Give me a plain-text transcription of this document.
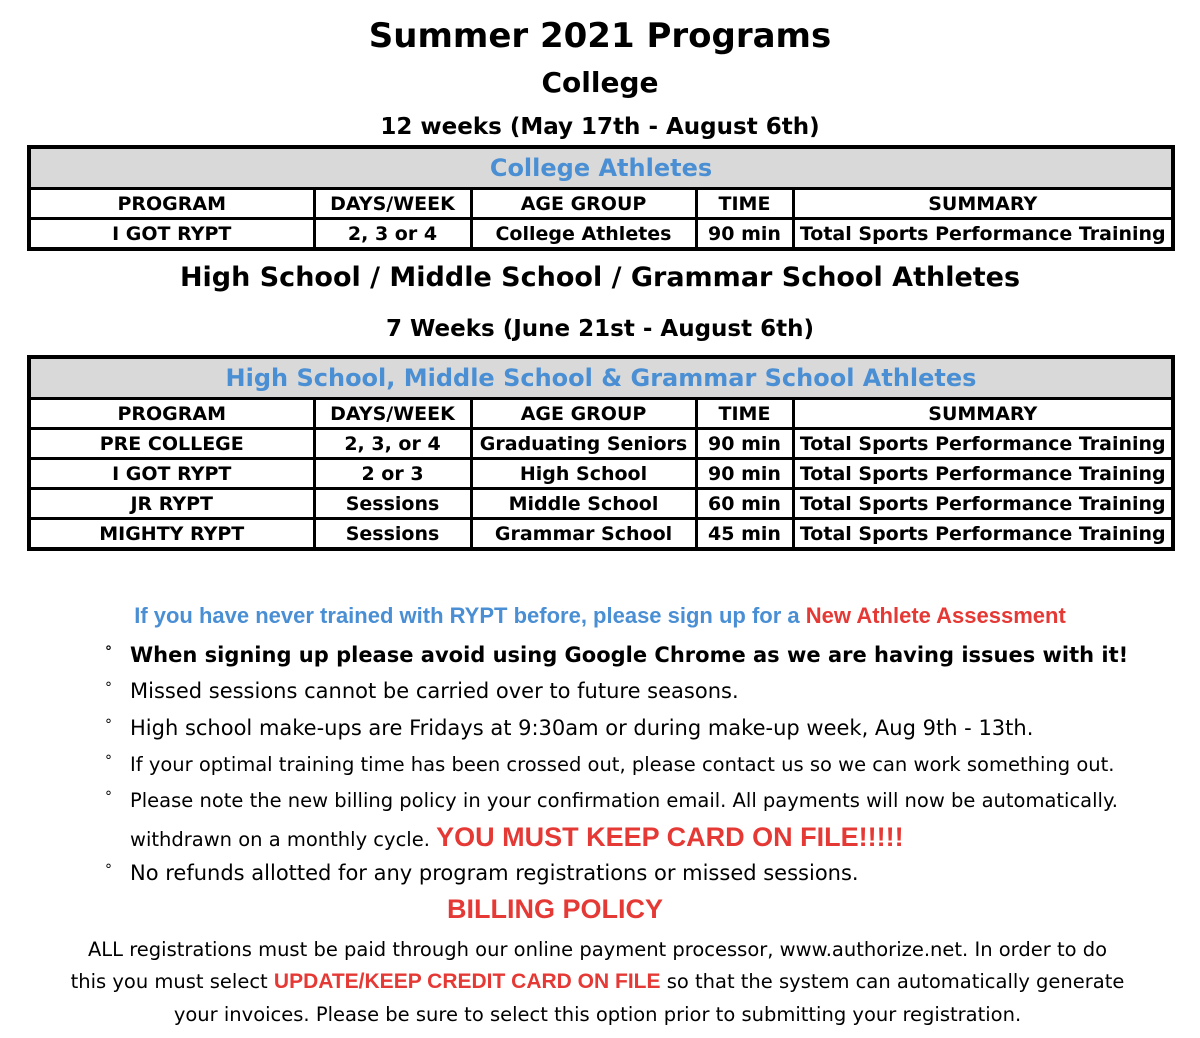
Summer 2021 Programs
College
12 weeks (May 17th - August 6th)
College Athletes				
PROGRAM	DAYS/WEEK	AGE GROUP	TIME	SUMMARY
I GOT RYPT	2, 3 or 4	College Athletes	90 min	Total Sports Performance Training
High School / Middle School / Grammar School Athletes
7 Weeks (June 21st - August 6th)
High School, Middle School & Grammar School Athletes				
PROGRAM	DAYS/WEEK	AGE GROUP	TIME	SUMMARY
PRE COLLEGE	2, 3, or 4	Graduating Seniors	90 min	Total Sports Performance Training
I GOT RYPT	2 or 3	High School	90 min	Total Sports Performance Training
JR RYPT	Sessions	Middle School	60 min	Total Sports Performance Training
MIGHTY RYPT	Sessions	Grammar School	45 min	Total Sports Performance Training
If you have never trained with RYPT before, please sign up for a New Athlete Assessment
° When signing up please avoid using Google Chrome as we are having issues with it!
° Missed sessions cannot be carried over to future seasons.
° High school make-ups are Fridays at 9:30am or during make-up week, Aug 9th - 13th.
° If your optimal training time has been crossed out, please contact us so we can work something out.
° Please note the new billing policy in your confirmation email. All payments will now be automatically.
withdrawn on a monthly cycle. YOU MUST KEEP CARD ON FILE!!!!!
° No refunds allotted for any program registrations or missed sessions.
BILLING POLICY
ALL registrations must be paid through our online payment processor, www.authorize.net. In order to do
this you must select UPDATE/KEEP CREDIT CARD ON FILE so that the system can automatically generate
your invoices. Please be sure to select this option prior to submitting your registration.
